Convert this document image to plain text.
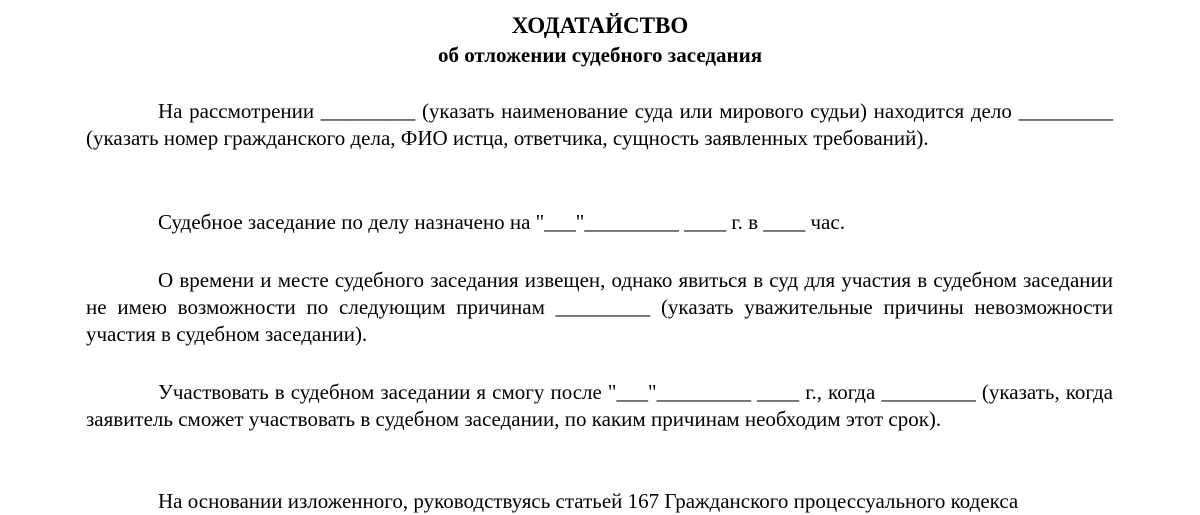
ХОДАТАЙСТВО
об отложении судебного заседания

На рассмотрении _________ (указать наименование суда или мирового судьи) находится дело _________ (указать номер гражданского дела, ФИО истца, ответчика, сущность заявленных требований).

Судебное заседание по делу назначено на "___"_________ ____ г. в ____ час.

О времени и месте судебного заседания извещен, однако явиться в суд для участия в судебном заседании не имею возможности по следующим причинам _________ (указать уважительные причины невозможности участия в судебном заседании).

Участвовать в судебном заседании я смогу после "___"_________ ____ г., когда _________ (указать, когда заявитель сможет участвовать в судебном заседании, по каким причинам необходим этот срок).

На основании изложенного, руководствуясь статьей 167 Гражданского процессуального кодекса
